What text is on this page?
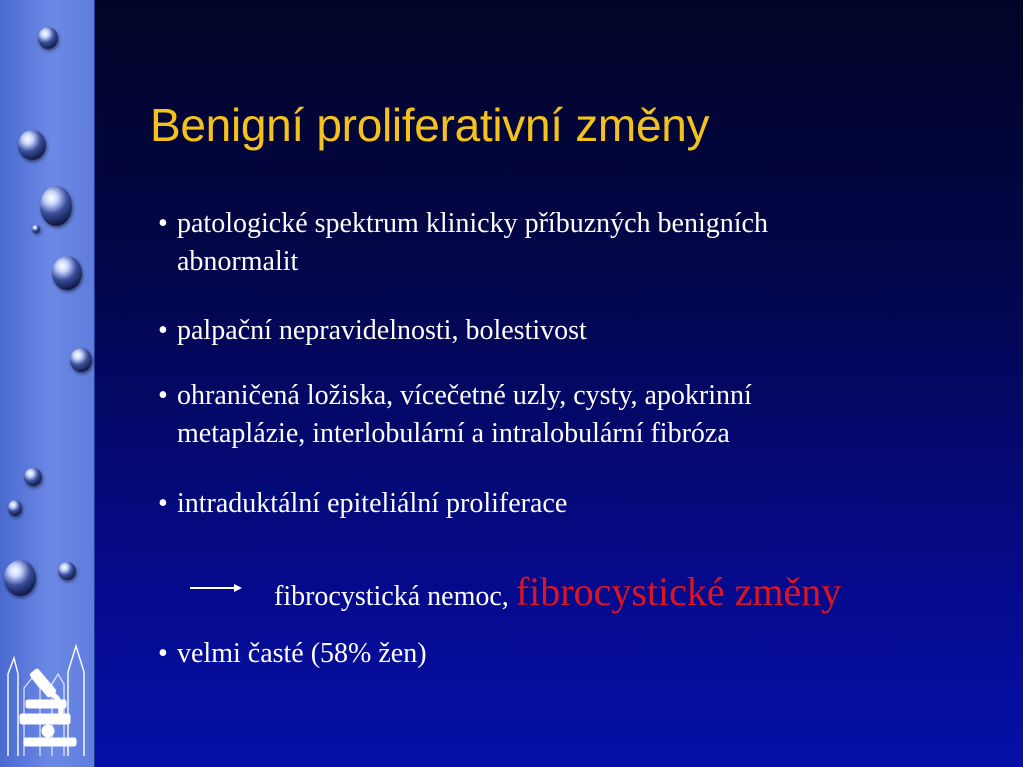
Benigní proliferativní změny
• patologické spektrum klinicky příbuzných benigních
abnormalit
• palpační nepravidelnosti, bolestivost
• ohraničená ložiska, vícečetné uzly, cysty, apokrinní
metaplázie, interlobulární a intralobulární fibróza
• intraduktální epiteliální proliferace
• velmi časté (58% žen)
fibrocystická nemoc, fibrocystické změny
